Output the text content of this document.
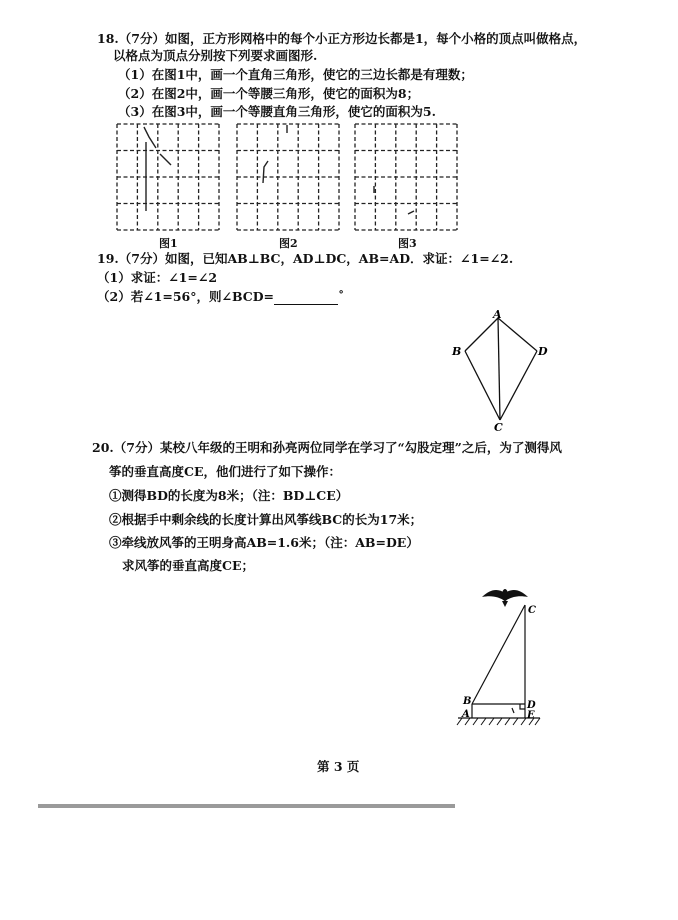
18.（7分）如图，正方形网格中的每个小正方形边长都是1，每个小格的顶点叫做格点，
以格点为顶点分别按下列要求画图形.
（1）在图1中，画一个直角三角形，使它的三边长都是有理数；
（2）在图2中，画一个等腰三角形，使它的面积为8；
（3）在图3中，画一个等腰直角三角形，使它的面积为5.
图1	图2	图3
19.（7分）如图，已知AB⊥BC，AD⊥DC，AB=AD．求证：∠1=∠2.
（1）求证：∠1=∠2
（2）若∠1=56°，则∠BCD=	˚
A
B	D
C
20.（7分）某校八年级的王明和孙亮两位同学在学习了“勾股定理”之后，为了测得风
筝的垂直高度CE，他们进行了如下操作：
①测得BD的长度为8米；（注：BD⊥CE）
②根据手中剩余线的长度计算出风筝线BC的长为17米；
③牵线放风筝的王明身高AB=1.6米；（注：AB=DE）
求风筝的垂直高度CE；
C
B	D
A	E
第 3 页
